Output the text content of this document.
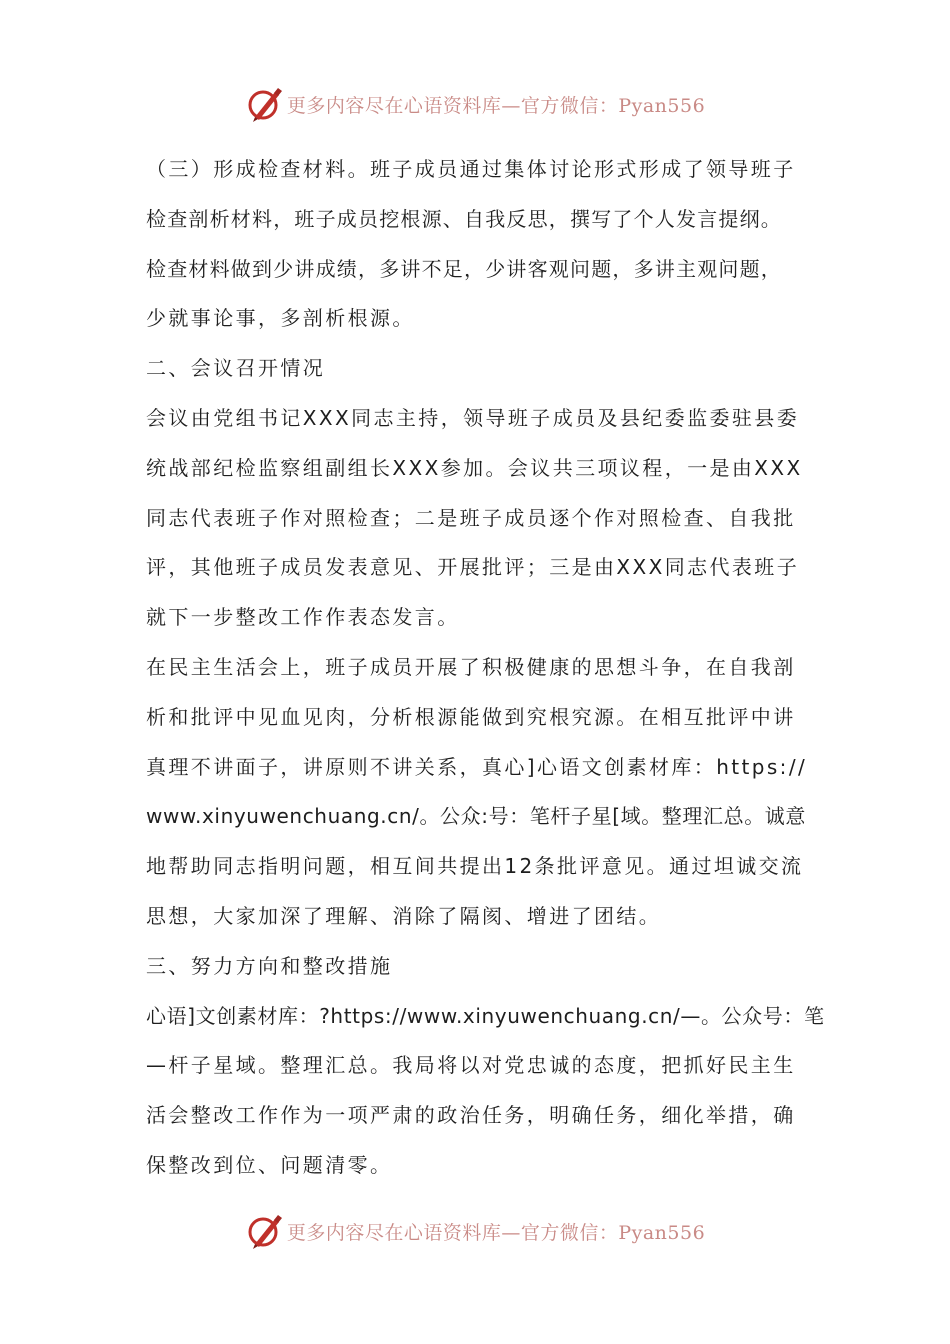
更多内容尽在心语资料库—官方微信：Pyan556
（三）形成检查材料。班子成员通过集体讨论形式形成了领导班子
检查剖析材料，班子成员挖根源、自我反思，撰写了个人发言提纲。
检查材料做到少讲成绩，多讲不足，少讲客观问题，多讲主观问题，
少就事论事，多剖析根源。
二、会议召开情况
会议由党组书记XXX同志主持，领导班子成员及县纪委监委驻县委
统战部纪检监察组副组长XXX参加。会议共三项议程，一是由XXX
同志代表班子作对照检查；二是班子成员逐个作对照检查、自我批
评，其他班子成员发表意见、开展批评；三是由XXX同志代表班子
就下一步整改工作作表态发言。
在民主生活会上，班子成员开展了积极健康的思想斗争，在自我剖
析和批评中见血见肉，分析根源能做到究根究源。在相互批评中讲
真理不讲面子，讲原则不讲关系，真心]心语文创素材库：https://
www.xinyuwenchuang.cn/。公众:号：笔杆子星[域。整理汇总。诚意
地帮助同志指明问题，相互间共提出12条批评意见。通过坦诚交流
思想，大家加深了理解、消除了隔阂、增进了团结。
三、努力方向和整改措施
心语]文创素材库：?https://www.xinyuwenchuang.cn/—。公众号：笔
—杆子星域。整理汇总。我局将以对党忠诚的态度，把抓好民主生
活会整改工作作为一项严肃的政治任务，明确任务，细化举措，确
保整改到位、问题清零。
更多内容尽在心语资料库—官方微信：Pyan556
